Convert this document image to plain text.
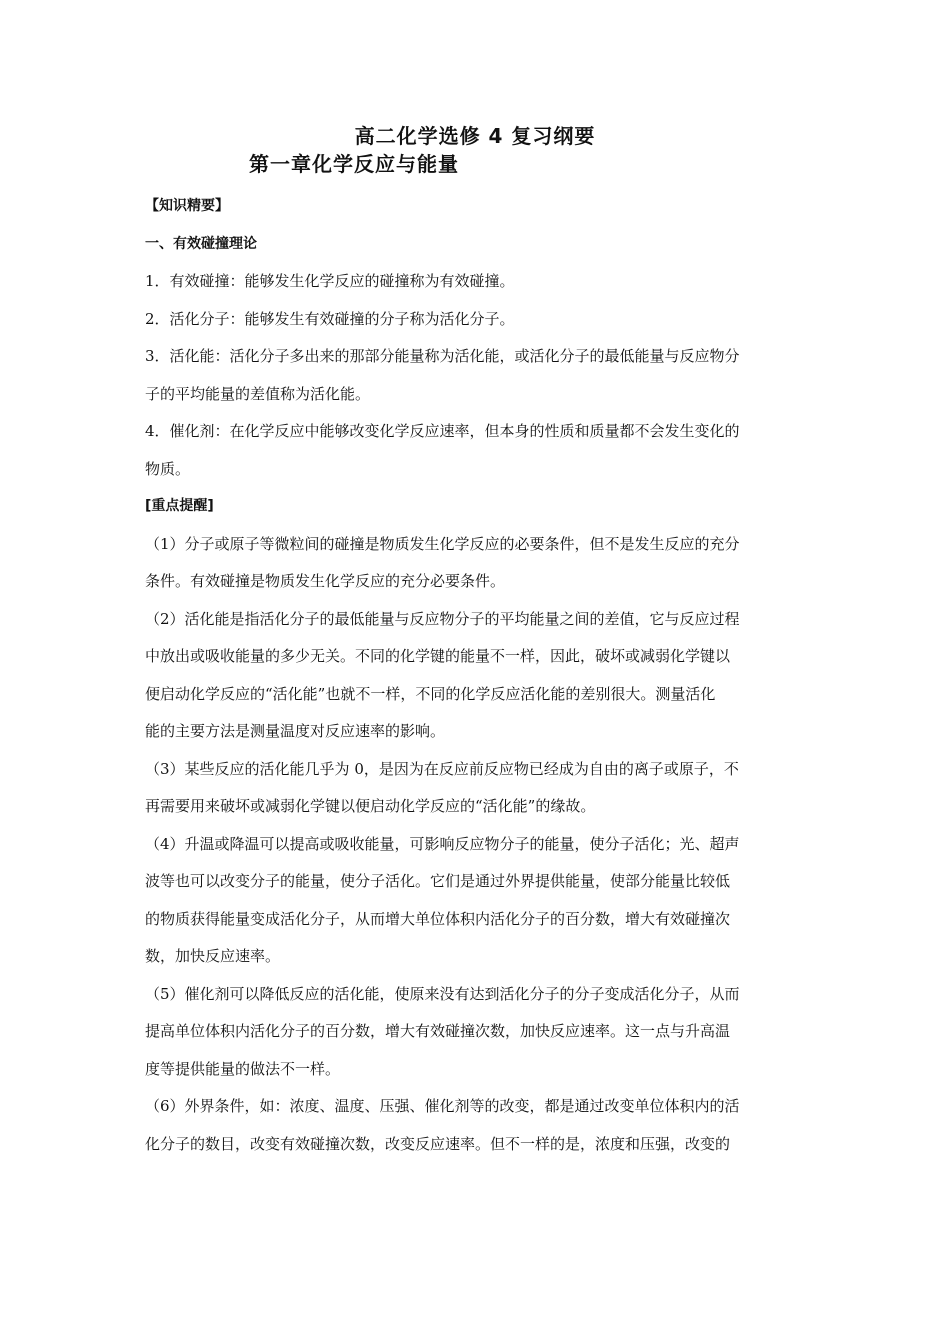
高二化学选修 4 复习纲要
第一章化学反应与能量

【知识精要】

一、有效碰撞理论

1．有效碰撞：能够发生化学反应的碰撞称为有效碰撞。

2．活化分子：能够发生有效碰撞的分子称为活化分子。

3．活化能：活化分子多出来的那部分能量称为活化能，或活化分子的最低能量与反应物分

子的平均能量的差值称为活化能。

4．催化剂：在化学反应中能够改变化学反应速率，但本身的性质和质量都不会发生变化的

物质。

[重点提醒]

（1）分子或原子等微粒间的碰撞是物质发生化学反应的必要条件，但不是发生反应的充分

条件。有效碰撞是物质发生化学反应的充分必要条件。

（2）活化能是指活化分子的最低能量与反应物分子的平均能量之间的差值，它与反应过程

中放出或吸收能量的多少无关。不同的化学键的能量不一样，因此，破坏或减弱化学键以

便启动化学反应的“活化能”也就不一样，不同的化学反应活化能的差别很大。测量活化

能的主要方法是测量温度对反应速率的影响。

（3）某些反应的活化能几乎为 0，是因为在反应前反应物已经成为自由的离子或原子，不

再需要用来破坏或减弱化学键以便启动化学反应的“活化能”的缘故。

（4）升温或降温可以提高或吸收能量，可影响反应物分子的能量，使分子活化；光、超声

波等也可以改变分子的能量，使分子活化。它们是通过外界提供能量，使部分能量比较低

的物质获得能量变成活化分子，从而增大单位体积内活化分子的百分数，增大有效碰撞次

数，加快反应速率。

（5）催化剂可以降低反应的活化能，使原来没有达到活化分子的分子变成活化分子，从而

提高单位体积内活化分子的百分数，增大有效碰撞次数，加快反应速率。这一点与升高温

度等提供能量的做法不一样。

（6）外界条件，如：浓度、温度、压强、催化剂等的改变，都是通过改变单位体积内的活

化分子的数目，改变有效碰撞次数，改变反应速率。但不一样的是，浓度和压强，改变的
